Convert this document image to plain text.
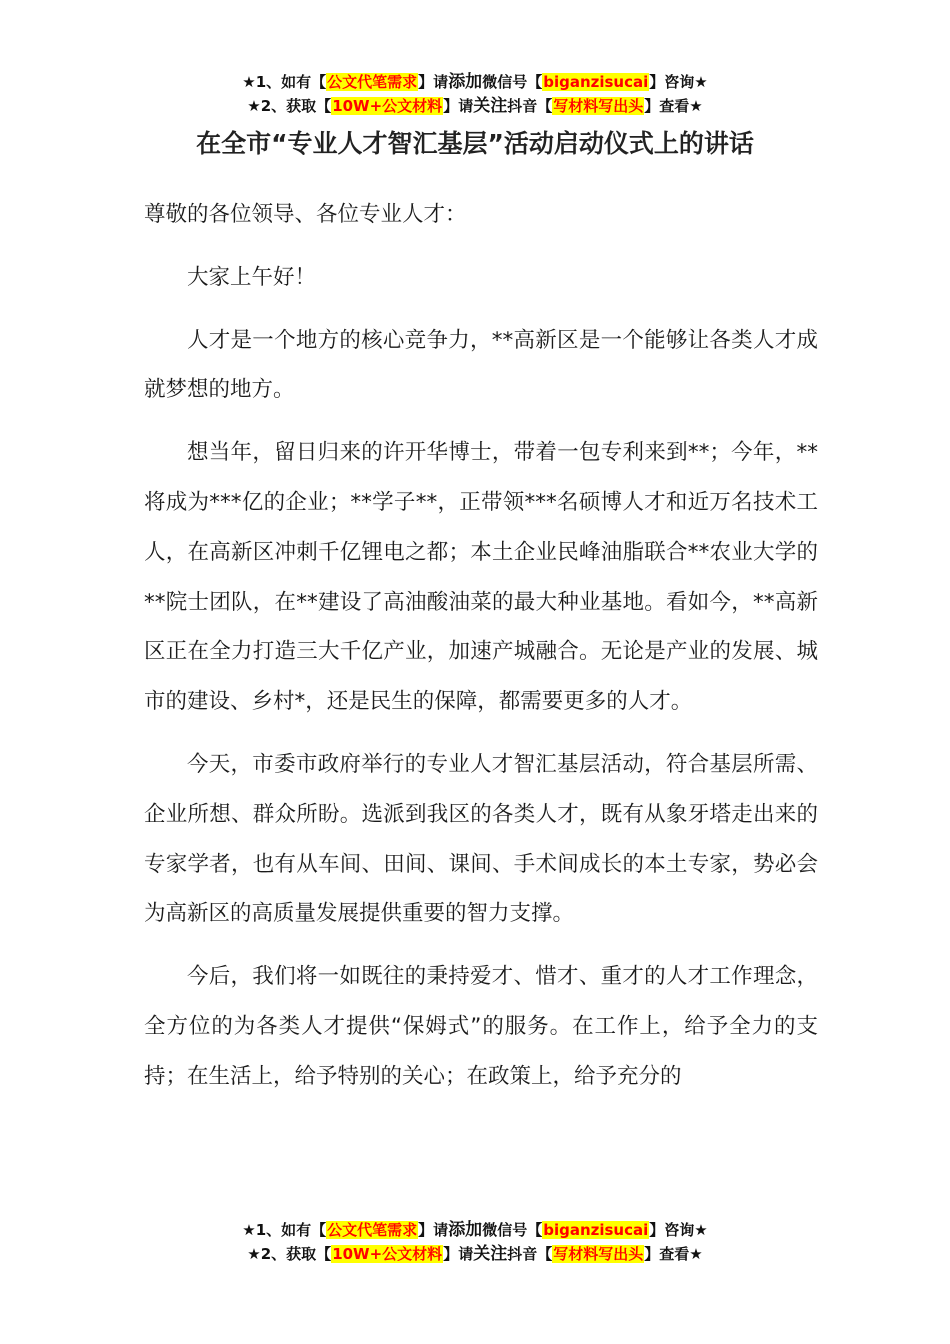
★1、如有【公文代笔需求】请添加微信号【biganzisucai】咨询★
★2、获取【10W+公文材料】请关注抖音【写材料写出头】查看★
在全市“专业人才智汇基层”活动启动仪式上的讲话

尊敬的各位领导、各位专业人才：

大家上午好！

人才是一个地方的核心竞争力，**高新区是一个能够让各类人才成就梦想的地方。

想当年，留日归来的许开华博士，带着一包专利来到**；今年，**将成为***亿的企业；**学子**，正带领***名硕博人才和近万名技术工人，在高新区冲刺千亿锂电之都；本土企业民峰油脂联合**农业大学的**院士团队，在**建设了高油酸油菜的最大种业基地。看如今，**高新区正在全力打造三大千亿产业，加速产城融合。无论是产业的发展、城市的建设、乡村*，还是民生的保障，都需要更多的人才。

今天，市委市政府举行的专业人才智汇基层活动，符合基层所需、企业所想、群众所盼。选派到我区的各类人才，既有从象牙塔走出来的专家学者，也有从车间、田间、课间、手术间成长的本土专家，势必会为高新区的高质量发展提供重要的智力支撑。

今后，我们将一如既往的秉持爱才、惜才、重才的人才工作理念，全方位的为各类人才提供“保姆式”的服务。在工作上，给予全力的支持；在生活上，给予特别的关心；在政策上，给予充分的

★1、如有【公文代笔需求】请添加微信号【biganzisucai】咨询★
★2、获取【10W+公文材料】请关注抖音【写材料写出头】查看★
